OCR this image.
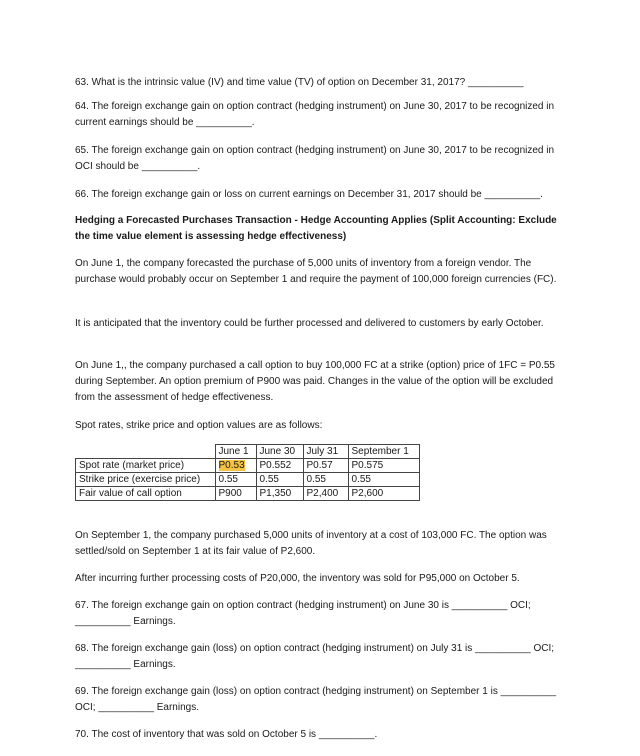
63. What is the intrinsic value (IV) and time value (TV) of option on December 31, 2017? __________

64. The foreign exchange gain on option contract (hedging instrument) on June 30, 2017 to be recognized in current earnings should be __________.

65. The foreign exchange gain on option contract (hedging instrument) on June 30, 2017 to be recognized in OCI should be __________.

66. The foreign exchange gain or loss on current earnings on December 31, 2017 should be __________.

Hedging a Forecasted Purchases Transaction - Hedge Accounting Applies (Split Accounting: Exclude the time value element is assessing hedge effectiveness)

On June 1, the company forecasted the purchase of 5,000 units of inventory from a foreign vendor. The purchase would probably occur on September 1 and require the payment of 100,000 foreign currencies (FC).

It is anticipated that the inventory could be further processed and delivered to customers by early October.

On June 1,, the company purchased a call option to buy 100,000 FC at a strike (option) price of 1FC = P0.55 during September. An option premium of P900 was paid. Changes in the value of the option will be excluded from the assessment of hedge effectiveness.

Spot rates, strike price and option values are as follows:

	June 1	June 30	July 31	September 1
Spot rate (market price)	P0.53	P0.552	P0.57	P0.575
Strike price (exercise price)	0.55	0.55	0.55	0.55
Fair value of call option	P900	P1,350	P2,400	P2,600

On September 1, the company purchased 5,000 units of inventory at a cost of 103,000 FC. The option was settled/sold on September 1 at its fair value of P2,600.

After incurring further processing costs of P20,000, the inventory was sold for P95,000 on October 5.

67. The foreign exchange gain on option contract (hedging instrument) on June 30 is __________ OCI; __________ Earnings.

68. The foreign exchange gain (loss) on option contract (hedging instrument) on July 31 is __________ OCI; __________ Earnings.

69. The foreign exchange gain (loss) on option contract (hedging instrument) on September 1 is __________ OCI; __________ Earnings.

70. The cost of inventory that was sold on October 5 is __________.
